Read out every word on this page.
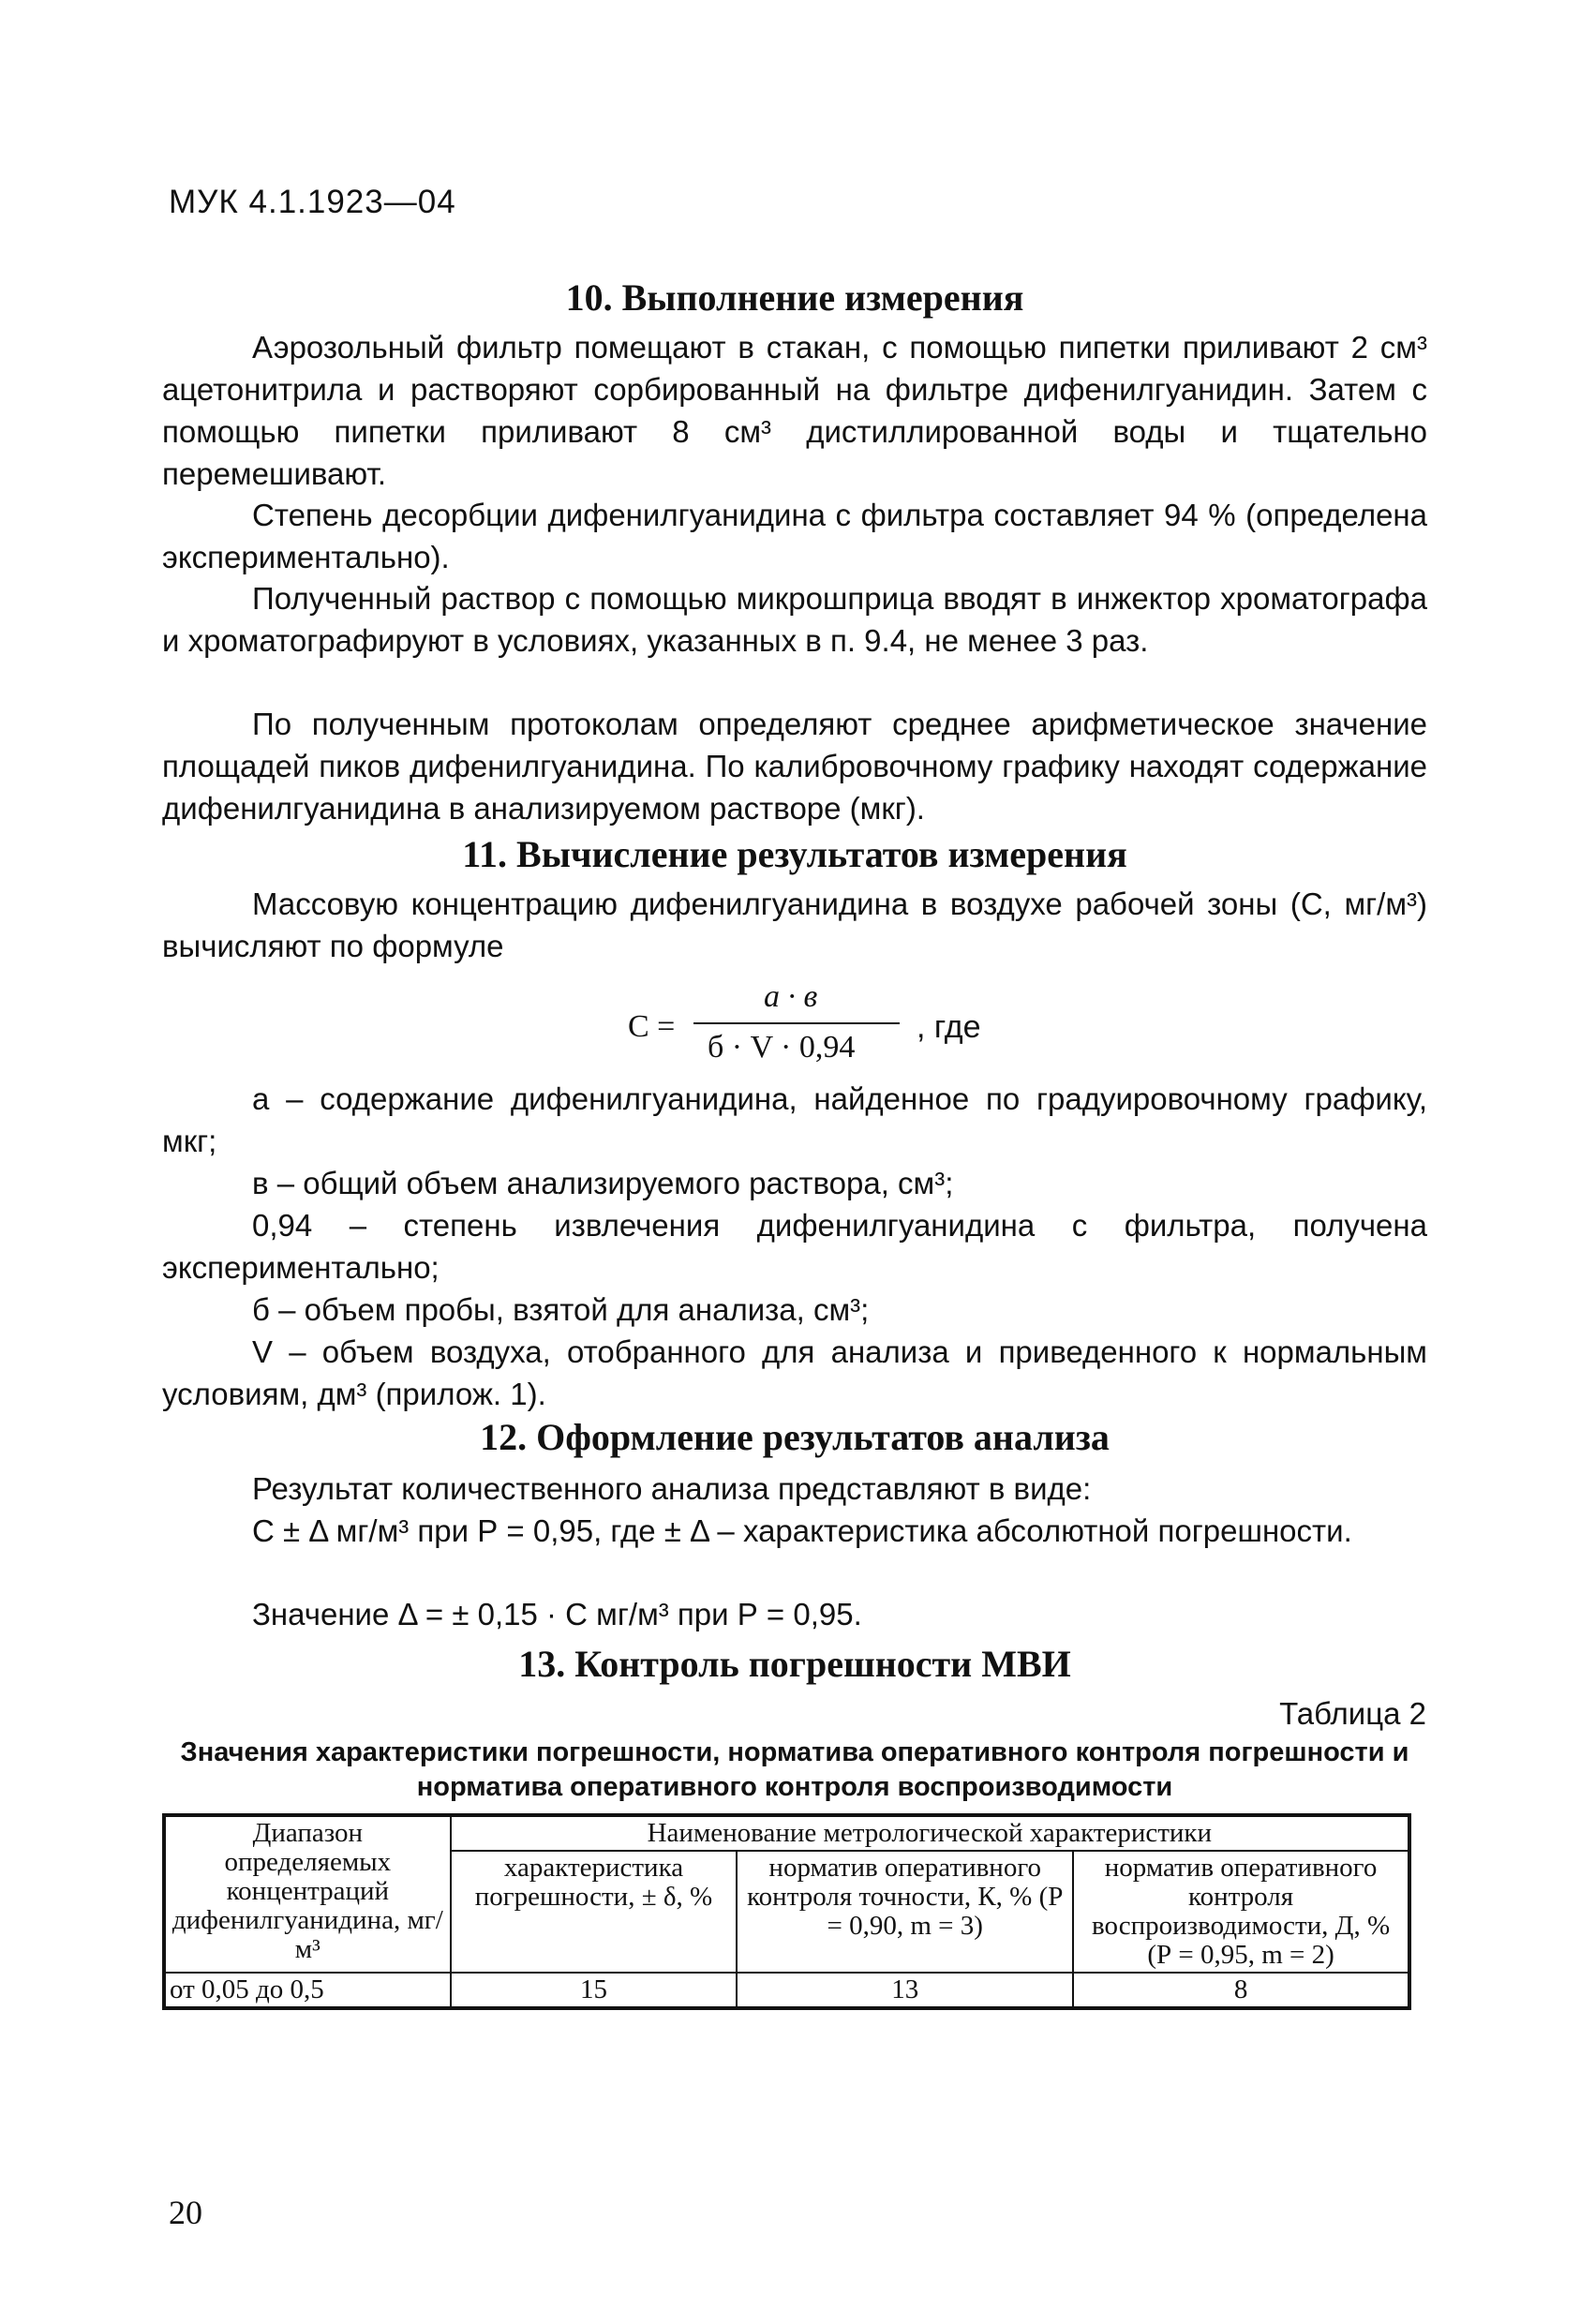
МУК 4.1.1923—04
10. Выполнение измерения

Аэрозольный фильтр помещают в стакан, с помощью пипетки приливают 2 см³ ацетонитрила и растворяют сорбированный на фильтре дифенилгуанидин. Затем с помощью пипетки приливают 8 см³ дистиллированной воды и тщательно перемешивают.

Степень десорбции дифенилгуанидина с фильтра составляет 94 % (определена экспериментально).

Полученный раствор с помощью микрошприца вводят в инжектор хроматографа и хроматографируют в условиях, указанных в п. 9.4, не менее 3 раз.

По полученным протоколам определяют среднее арифметическое значение площадей пиков дифенилгуанидина. По калибровочному графику находят содержание дифенилгуанидина в анализируемом растворе (мкг).

11. Вычисление результатов измерения

Массовую концентрацию дифенилгуанидина в воздухе рабочей зоны (С, мг/м³) вычисляют по формуле

С =
а · в
б · V · 0,94
, где

а – содержание дифенилгуанидина, найденное по градуировочному графику, мкг;

в – общий объем анализируемого раствора, см³;

0,94 – степень извлечения дифенилгуанидина с фильтра, получена экспериментально;

б – объем пробы, взятой для анализа, см³;

V – объем воздуха, отобранного для анализа и приведенного к нормальным условиям, дм³ (прилож. 1).

12. Оформление результатов анализа

Результат количественного анализа представляют в виде:

С ± Δ мг/м³ при Р = 0,95, где ± Δ – характеристика абсолютной погрешности.

Значение Δ = ± 0,15 · С мг/м³ при Р = 0,95.

13. Контроль погрешности МВИ
Таблица 2
Значения характеристики погрешности, норматива оперативного контроля погрешности и норматива оперативного контроля воспроизводимости
Диапазон определяемых концентраций дифенилгуанидина, мг/м³	Наименование метрологической характеристики		
	характеристика погрешности, ± δ, %	норматив оперативного контроля точности, К, % (Р = 0,90, m = 3)	норматив оперативного контроля воспроизводимости, Д, % (Р = 0,95, m = 2)
от 0,05 до 0,5	15	13	8
20
